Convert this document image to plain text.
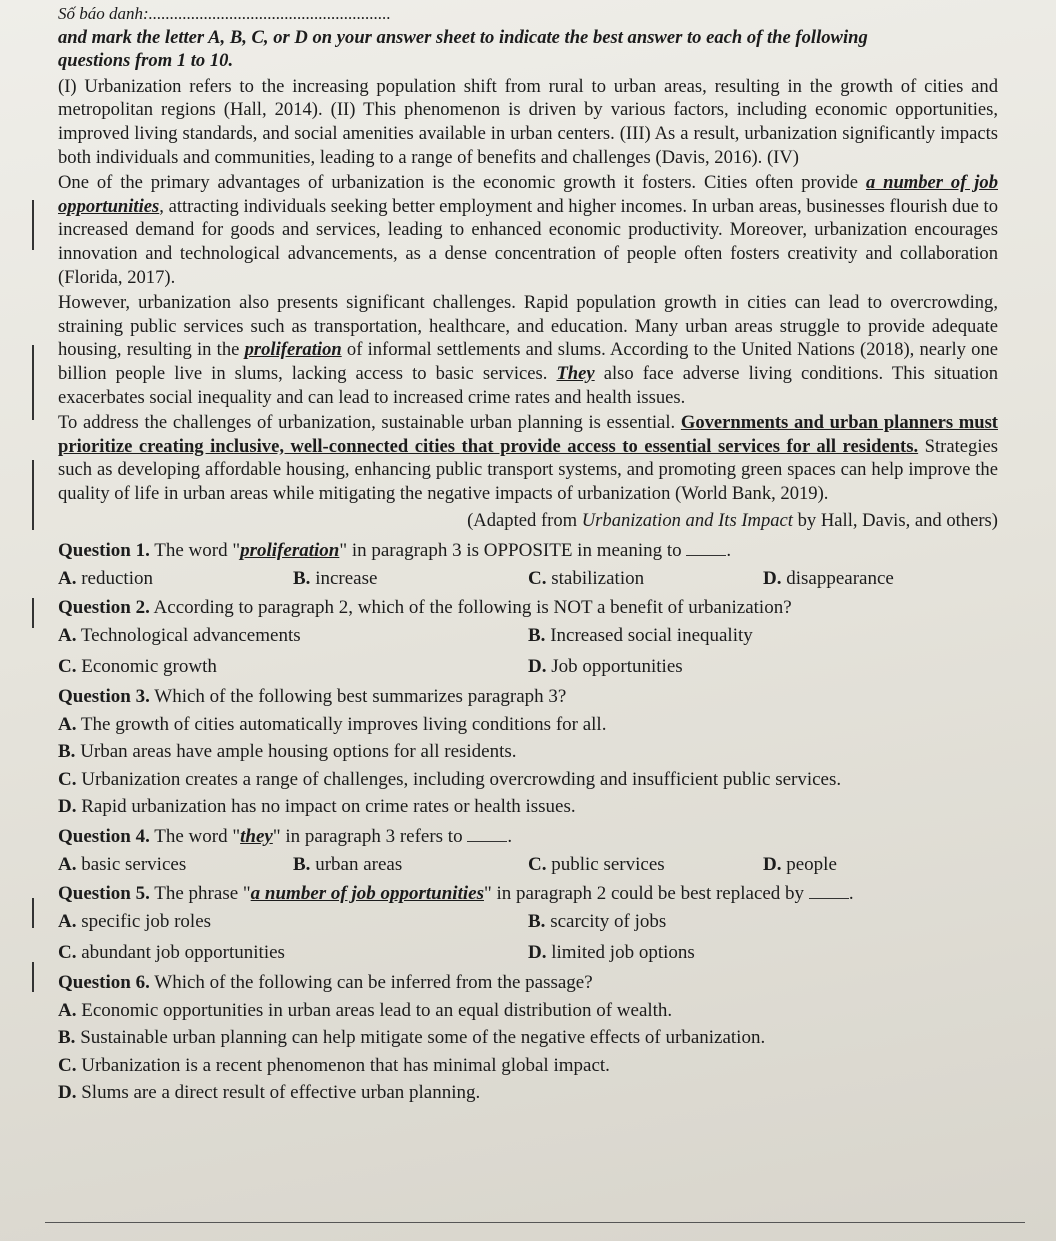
Số báo danh:.........................................................

and mark the letter A, B, C, or D on your answer sheet to indicate the best answer to each of the following
questions from 1 to 10.

(I) Urbanization refers to the increasing population shift from rural to urban areas, resulting in the growth of cities and metropolitan regions (Hall, 2014). (II) This phenomenon is driven by various factors, including economic opportunities, improved living standards, and social amenities available in urban centers. (III) As a result, urbanization significantly impacts both individuals and communities, leading to a range of benefits and challenges (Davis, 2016). (IV)

One of the primary advantages of urbanization is the economic growth it fosters. Cities often provide a number of job opportunities, attracting individuals seeking better employment and higher incomes. In urban areas, businesses flourish due to increased demand for goods and services, leading to enhanced economic productivity. Moreover, urbanization encourages innovation and technological advancements, as a dense concentration of people often fosters creativity and collaboration (Florida, 2017).

However, urbanization also presents significant challenges. Rapid population growth in cities can lead to overcrowding, straining public services such as transportation, healthcare, and education. Many urban areas struggle to provide adequate housing, resulting in the proliferation of informal settlements and slums. According to the United Nations (2018), nearly one billion people live in slums, lacking access to basic services. They also face adverse living conditions. This situation exacerbates social inequality and can lead to increased crime rates and health issues.

To address the challenges of urbanization, sustainable urban planning is essential. Governments and urban planners must prioritize creating inclusive, well-connected cities that provide access to essential services for all residents. Strategies such as developing affordable housing, enhancing public transport systems, and promoting green spaces can help improve the quality of life in urban areas while mitigating the negative impacts of urbanization (World Bank, 2019).

(Adapted from Urbanization and Its Impact by Hall, Davis, and others)

Question 1. The word "proliferation" in paragraph 3 is OPPOSITE in meaning to .
A. reduction	B. increase	C. stabilization	D. disappearance
Question 2. According to paragraph 2, which of the following is NOT a benefit of urbanization?
A. Technological advancements	B. Increased social inequality
C. Economic growth	D. Job opportunities
Question 3. Which of the following best summarizes paragraph 3?
A. The growth of cities automatically improves living conditions for all.
B. Urban areas have ample housing options for all residents.
C. Urbanization creates a range of challenges, including overcrowding and insufficient public services.
D. Rapid urbanization has no impact on crime rates or health issues.
Question 4. The word "they" in paragraph 3 refers to .
A. basic services	B. urban areas	C. public services	D. people
Question 5. The phrase "a number of job opportunities" in paragraph 2 could be best replaced by .
A. specific job roles	B. scarcity of jobs
C. abundant job opportunities	D. limited job options
Question 6. Which of the following can be inferred from the passage?
A. Economic opportunities in urban areas lead to an equal distribution of wealth.
B. Sustainable urban planning can help mitigate some of the negative effects of urbanization.
C. Urbanization is a recent phenomenon that has minimal global impact.
D. Slums are a direct result of effective urban planning.
